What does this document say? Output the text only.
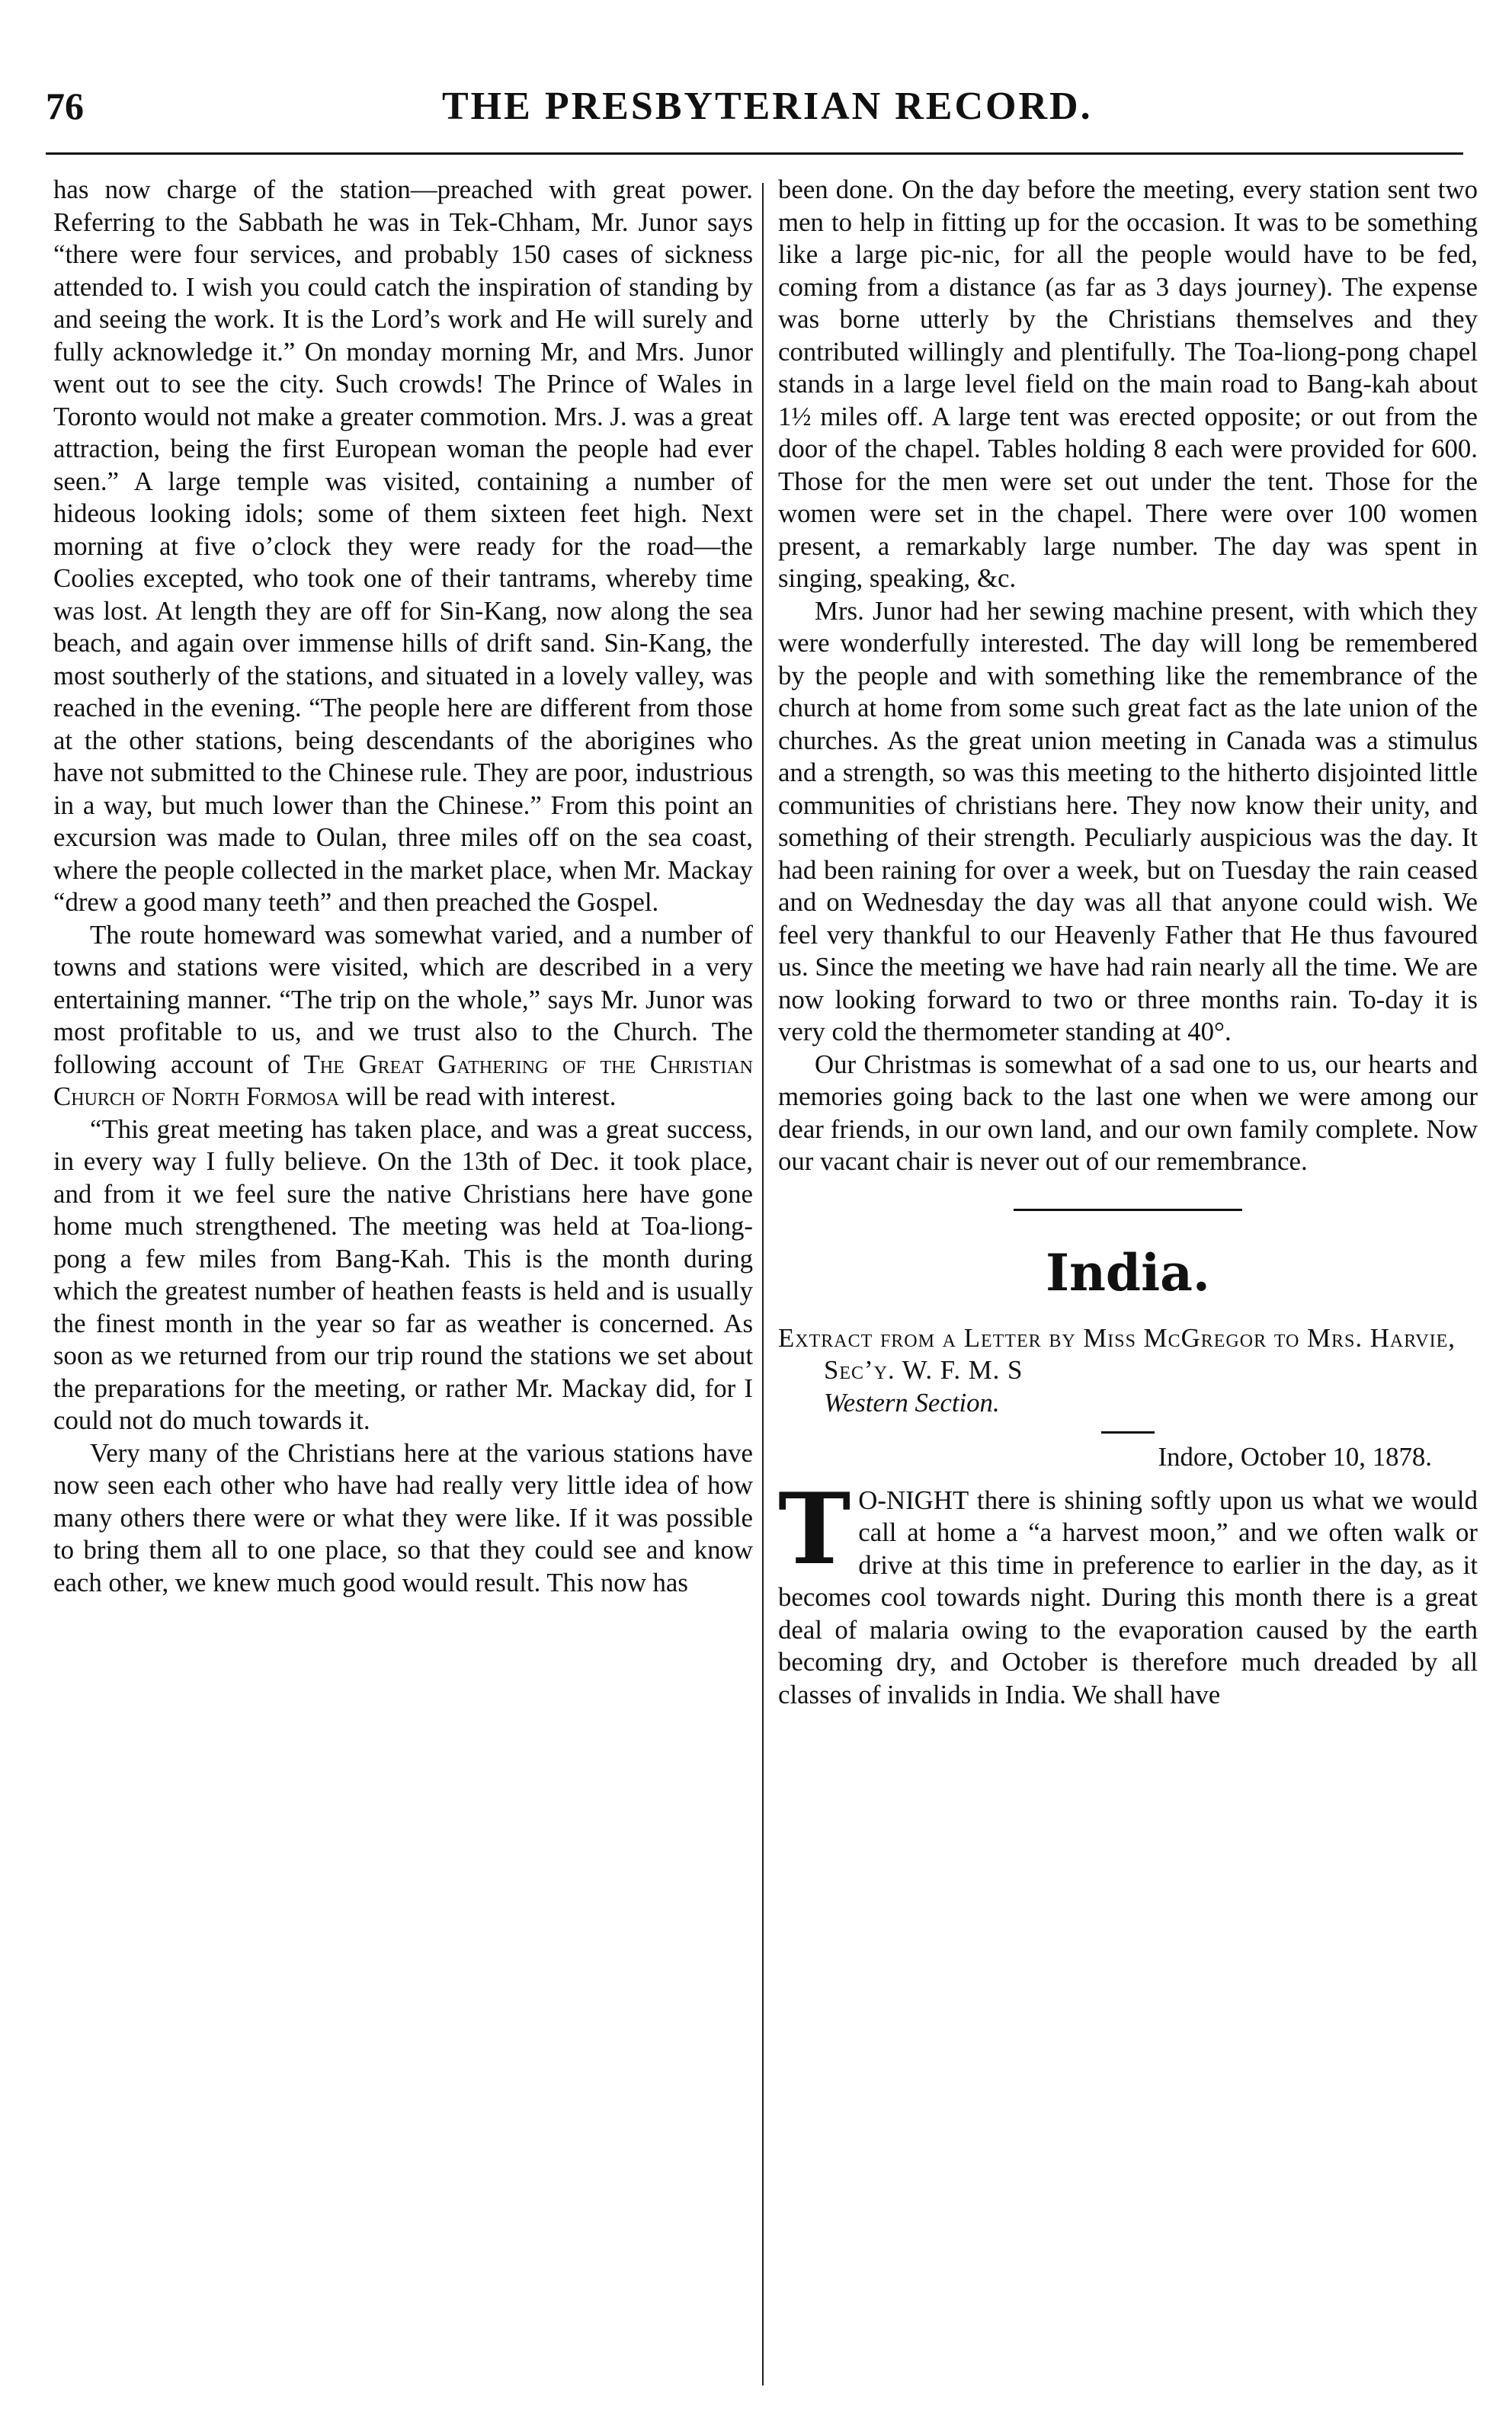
76	THE PRESBYTERIAN RECORD.

has now charge of the station—preached with great power. Referring to the Sabbath he was in Tek-Chham, Mr. Junor says “there were four services, and probably 150 cases of sickness attended to. I wish you could catch the inspiration of standing by and seeing the work. It is the Lord’s work and He will surely and fully acknowledge it.” On monday morning Mr, and Mrs. Junor went out to see the city. Such crowds! The Prince of Wales in Toronto would not make a greater commotion. Mrs. J. was a great attraction, being the first European woman the people had ever seen.” A large temple was visited, containing a number of hideous looking idols; some of them sixteen feet high. Next morning at five o’clock they were ready for the road—the Coolies excepted, who took one of their tantrams, whereby time was lost. At length they are off for Sin-Kang, now along the sea beach, and again over immense hills of drift sand. Sin-Kang, the most southerly of the stations, and situated in a lovely valley, was reached in the evening. “The people here are different from those at the other stations, being descendants of the aborigines who have not submitted to the Chinese rule. They are poor, industrious in a way, but much lower than the Chinese.” From this point an excursion was made to Oulan, three miles off on the sea coast, where the people collected in the market place, when Mr. Mackay “drew a good many teeth” and then preached the Gospel.

The route homeward was somewhat varied, and a number of towns and stations were visited, which are described in a very entertaining manner. “The trip on the whole,” says Mr. Junor was most profitable to us, and we trust also to the Church. The following account of The Great Gathering of the Christian Church of North Formosa will be read with interest.

“This great meeting has taken place, and was a great success, in every way I fully believe. On the 13th of Dec. it took place, and from it we feel sure the native Christians here have gone home much strengthened. The meeting was held at Toa-liong-pong a few miles from Bang-Kah. This is the month during which the greatest number of heathen feasts is held and is usually the finest month in the year so far as weather is concerned. As soon as we returned from our trip round the stations we set about the preparations for the meeting, or rather Mr. Mackay did, for I could not do much towards it.

Very many of the Christians here at the various stations have now seen each other who have had really very little idea of how many others there were or what they were like. If it was possible to bring them all to one place, so that they could see and know each other, we knew much good would result. This now has

been done. On the day before the meeting, every station sent two men to help in fitting up for the occasion. It was to be something like a large pic-nic, for all the people would have to be fed, coming from a distance (as far as 3 days journey). The expense was borne utterly by the Christians themselves and they contributed willingly and plentifully. The Toa-liong-pong chapel stands in a large level field on the main road to Bang-kah about 1½ miles off. A large tent was erected opposite; or out from the door of the chapel. Tables holding 8 each were provided for 600. Those for the men were set out under the tent. Those for the women were set in the chapel. There were over 100 women present, a remarkably large number. The day was spent in singing, speaking, &c.

Mrs. Junor had her sewing machine present, with which they were wonderfully interested. The day will long be remembered by the people and with something like the remembrance of the church at home from some such great fact as the late union of the churches. As the great union meeting in Canada was a stimulus and a strength, so was this meeting to the hitherto disjointed little communities of christians here. They now know their unity, and something of their strength. Peculiarly auspicious was the day. It had been raining for over a week, but on Tuesday the rain ceased and on Wednesday the day was all that anyone could wish. We feel very thankful to our Heavenly Father that He thus favoured us. Since the meeting we have had rain nearly all the time. We are now looking forward to two or three months rain. To-day it is very cold the thermometer standing at 40°.

Our Christmas is somewhat of a sad one to us, our hearts and memories going back to the last one when we were among our dear friends, in our own land, and our own family complete. Now our vacant chair is never out of our remembrance.

India.

Extract from a Letter by Miss McGregor to Mrs. Harvie, Sec’y. W. F. M. S

Western Section.

Indore, October 10, 1878.

T O-NIGHT there is shining softly upon us what we would call at home a “a harvest moon,” and we often walk or drive at this time in preference to earlier in the day, as it becomes cool towards night. During this month there is a great deal of malaria owing to the evaporation caused by the earth becoming dry, and October is therefore much dreaded by all classes of invalids in India. We shall have
